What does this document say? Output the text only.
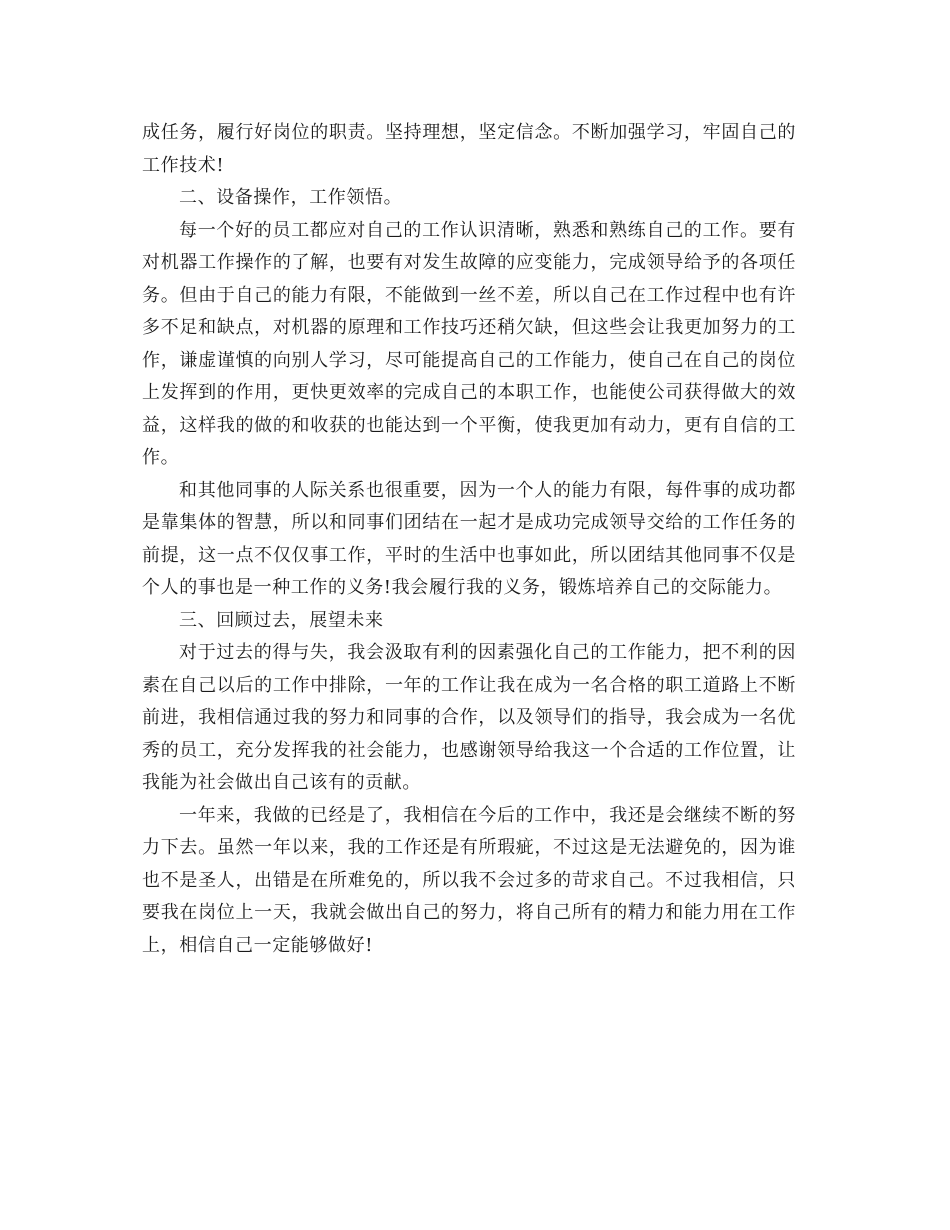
成任务，履行好岗位的职责。坚持理想，坚定信念。不断加强学习，牢固自己的工作技术!

二、设备操作，工作领悟。

每一个好的员工都应对自己的工作认识清晰，熟悉和熟练自己的工作。要有对机器工作操作的了解，也要有对发生故障的应变能力，完成领导给予的各项任务。但由于自己的能力有限，不能做到一丝不差，所以自己在工作过程中也有许多不足和缺点，对机器的原理和工作技巧还稍欠缺，但这些会让我更加努力的工作，谦虚谨慎的向别人学习，尽可能提高自己的工作能力，使自己在自己的岗位上发挥到的作用，更快更效率的完成自己的本职工作，也能使公司获得做大的效益，这样我的做的和收获的也能达到一个平衡，使我更加有动力，更有自信的工作。

和其他同事的人际关系也很重要，因为一个人的能力有限，每件事的成功都是靠集体的智慧，所以和同事们团结在一起才是成功完成领导交给的工作任务的前提，这一点不仅仅事工作，平时的生活中也事如此，所以团结其他同事不仅是个人的事也是一种工作的义务!我会履行我的义务，锻炼培养自己的交际能力。

三、回顾过去，展望未来

对于过去的得与失，我会汲取有利的因素强化自己的工作能力，把不利的因素在自己以后的工作中排除，一年的工作让我在成为一名合格的职工道路上不断前进，我相信通过我的努力和同事的合作，以及领导们的指导，我会成为一名优秀的员工，充分发挥我的社会能力，也感谢领导给我这一个合适的工作位置，让我能为社会做出自己该有的贡献。

一年来，我做的已经是了，我相信在今后的工作中，我还是会继续不断的努力下去。虽然一年以来，我的工作还是有所瑕疵，不过这是无法避免的，因为谁也不是圣人，出错是在所难免的，所以我不会过多的苛求自己。不过我相信，只要我在岗位上一天，我就会做出自己的努力，将自己所有的精力和能力用在工作上，相信自己一定能够做好!
